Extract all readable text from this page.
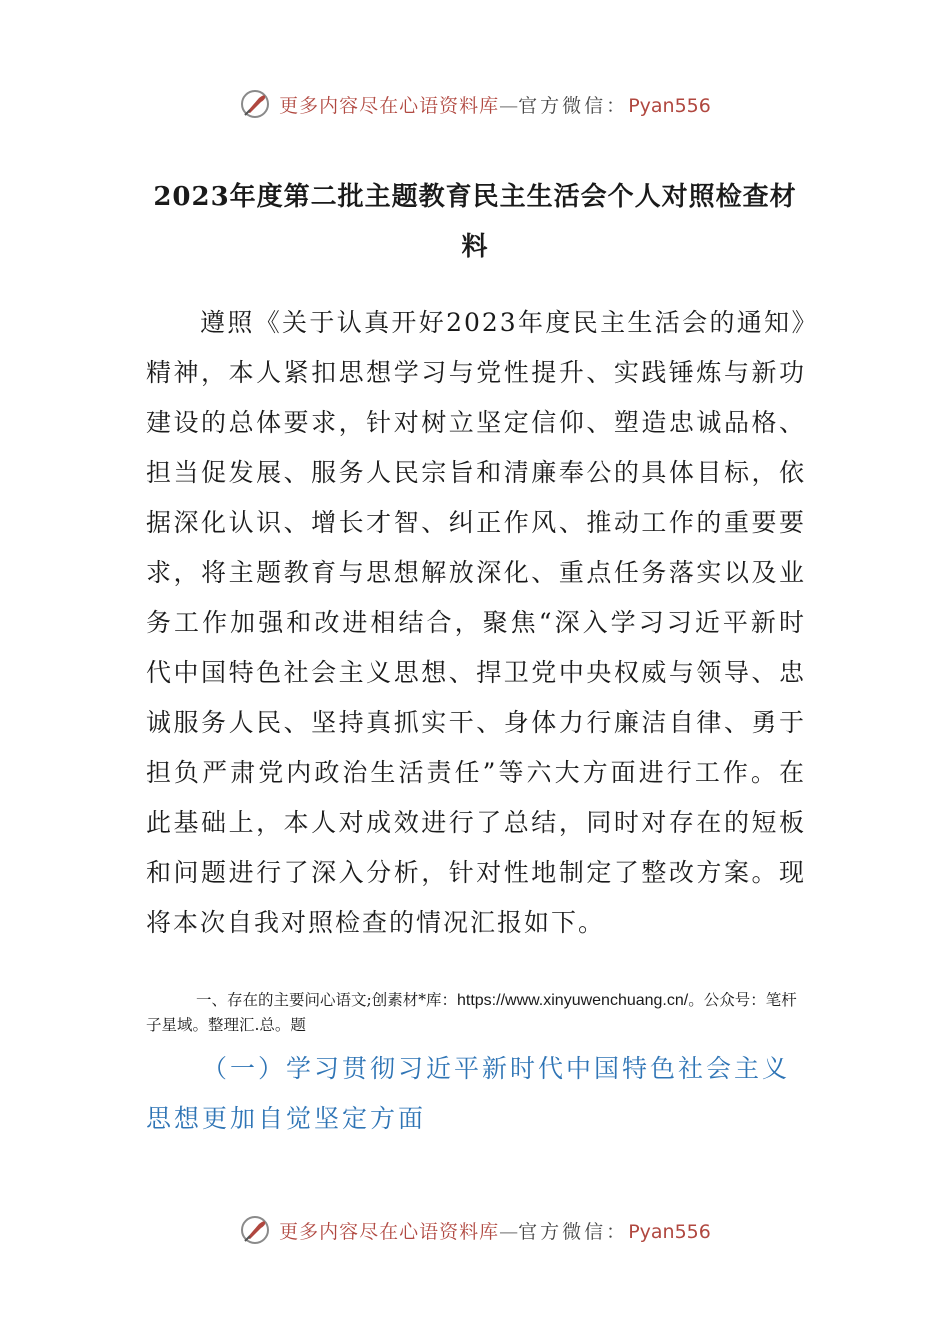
更多内容尽在心语资料库—官方微信：Pyan556
2023年度第二批主题教育民主生活会个人对照检查材料

遵照《关于认真开好2023年度民主生活会的通知》精神，本人紧扣思想学习与党性提升、实践锤炼与新功建设的总体要求，针对树立坚定信仰、塑造忠诚品格、担当促发展、服务人民宗旨和清廉奉公的具体目标，依据深化认识、增长才智、纠正作风、推动工作的重要要求，将主题教育与思想解放深化、重点任务落实以及业务工作加强和改进相结合，聚焦“深入学习习近平新时代中国特色社会主义思想、捍卫党中央权威与领导、忠诚服务人民、坚持真抓实干、身体力行廉洁自律、勇于担负严肃党内政治生活责任”等六大方面进行工作。在此基础上，本人对成效进行了总结，同时对存在的短板和问题进行了深入分析，针对性地制定了整改方案。现将本次自我对照检查的情况汇报如下。

一、存在的主要问心语文;创素材*库：https://www.xinyuwenchuang.cn/。公众号：笔杆子星域。整理汇.总。题

（一）学习贯彻习近平新时代中国特色社会主义思想更加自觉坚定方面

更多内容尽在心语资料库—官方微信：Pyan556
